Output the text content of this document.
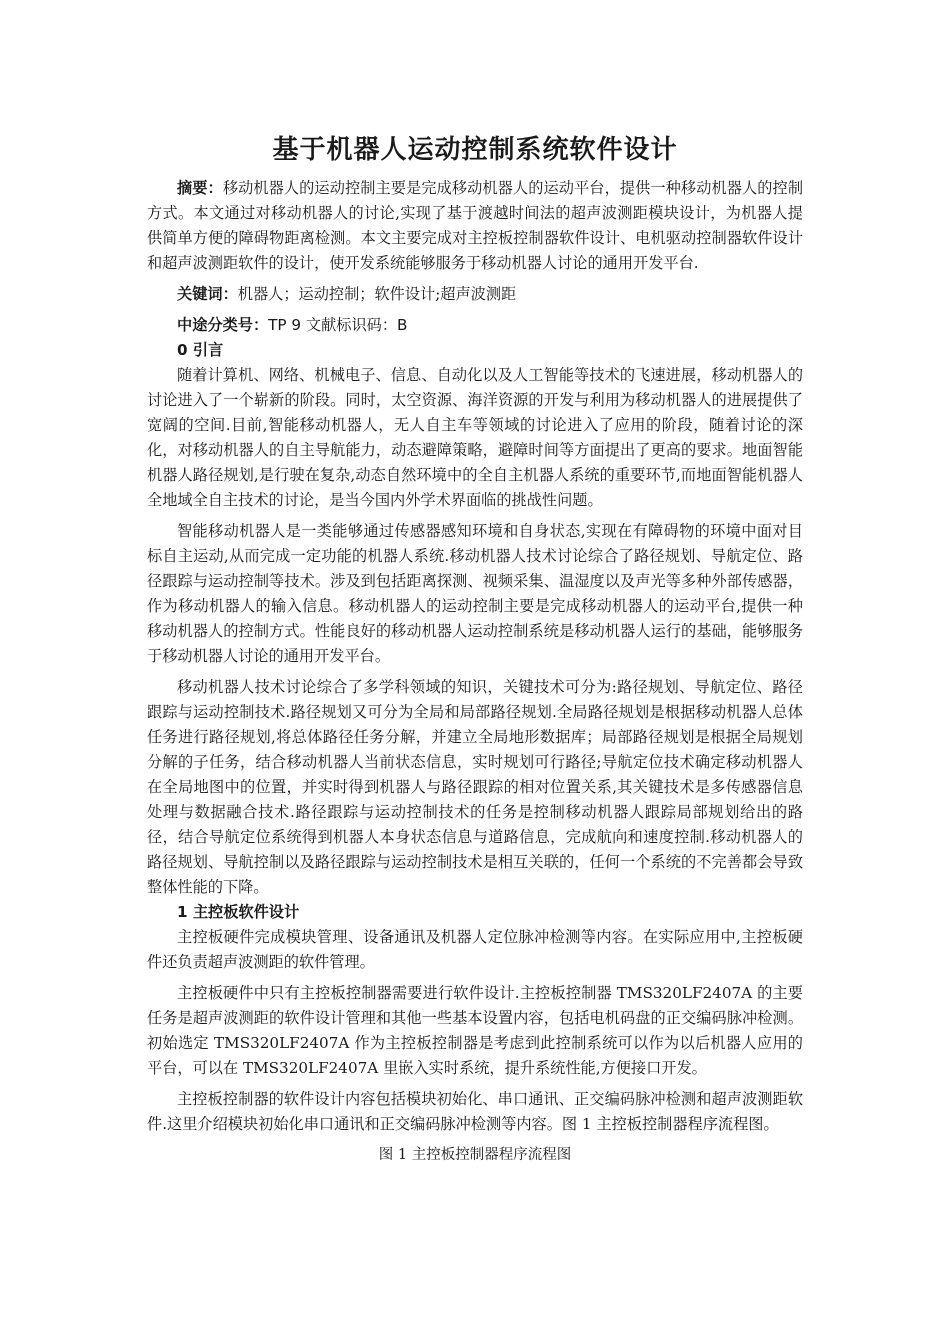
基于机器人运动控制系统软件设计

摘要：移动机器人的运动控制主要是完成移动机器人的运动平台，提供一种移动机器人的控制方式。本文通过对移动机器人的讨论,实现了基于渡越时间法的超声波测距模块设计，为机器人提供简单方便的障碍物距离检测。本文主要完成对主控板控制器软件设计、电机驱动控制器软件设计和超声波测距软件的设计，使开发系统能够服务于移动机器人讨论的通用开发平台.

关键词：机器人；运动控制；软件设计;超声波测距

中途分类号：TP 9 文献标识码：B

0 引言

随着计算机、网络、机械电子、信息、自动化以及人工智能等技术的飞速进展，移动机器人的讨论进入了一个崭新的阶段。同时，太空资源、海洋资源的开发与利用为移动机器人的进展提供了宽阔的空间.目前,智能移动机器人，无人自主车等领域的讨论进入了应用的阶段，随着讨论的深化，对移动机器人的自主导航能力，动态避障策略，避障时间等方面提出了更高的要求。地面智能机器人路径规划,是行驶在复杂,动态自然环境中的全自主机器人系统的重要环节,而地面智能机器人全地域全自主技术的讨论，是当今国内外学术界面临的挑战性问题。

智能移动机器人是一类能够通过传感器感知环境和自身状态,实现在有障碍物的环境中面对目标自主运动,从而完成一定功能的机器人系统.移动机器人技术讨论综合了路径规划、导航定位、路径跟踪与运动控制等技术。涉及到包括距离探测、视频采集、温湿度以及声光等多种外部传感器，作为移动机器人的输入信息。移动机器人的运动控制主要是完成移动机器人的运动平台,提供一种移动机器人的控制方式。性能良好的移动机器人运动控制系统是移动机器人运行的基础，能够服务于移动机器人讨论的通用开发平台。

移动机器人技术讨论综合了多学科领域的知识，关键技术可分为:路径规划、导航定位、路径跟踪与运动控制技术.路径规划又可分为全局和局部路径规划.全局路径规划是根据移动机器人总体任务进行路径规划,将总体路径任务分解，并建立全局地形数据库；局部路径规划是根据全局规划分解的子任务，结合移动机器人当前状态信息，实时规划可行路径;导航定位技术确定移动机器人在全局地图中的位置，并实时得到机器人与路径跟踪的相对位置关系,其关键技术是多传感器信息处理与数据融合技术.路径跟踪与运动控制技术的任务是控制移动机器人跟踪局部规划给出的路径，结合导航定位系统得到机器人本身状态信息与道路信息，完成航向和速度控制.移动机器人的路径规划、导航控制以及路径跟踪与运动控制技术是相互关联的，任何一个系统的不完善都会导致整体性能的下降。

1 主控板软件设计

主控板硬件完成模块管理、设备通讯及机器人定位脉冲检测等内容。在实际应用中,主控板硬件还负责超声波测距的软件管理。

主控板硬件中只有主控板控制器需要进行软件设计.主控板控制器 TMS320LF2407A 的主要任务是超声波测距的软件设计管理和其他一些基本设置内容，包括电机码盘的正交编码脉冲检测。初始选定 TMS320LF2407A 作为主控板控制器是考虑到此控制系统可以作为以后机器人应用的平台，可以在 TMS320LF2407A 里嵌入实时系统，提升系统性能,方便接口开发。

主控板控制器的软件设计内容包括模块初始化、串口通讯、正交编码脉冲检测和超声波测距软件.这里介绍模块初始化串口通讯和正交编码脉冲检测等内容。图 1 主控板控制器程序流程图。

图 1 主控板控制器程序流程图
